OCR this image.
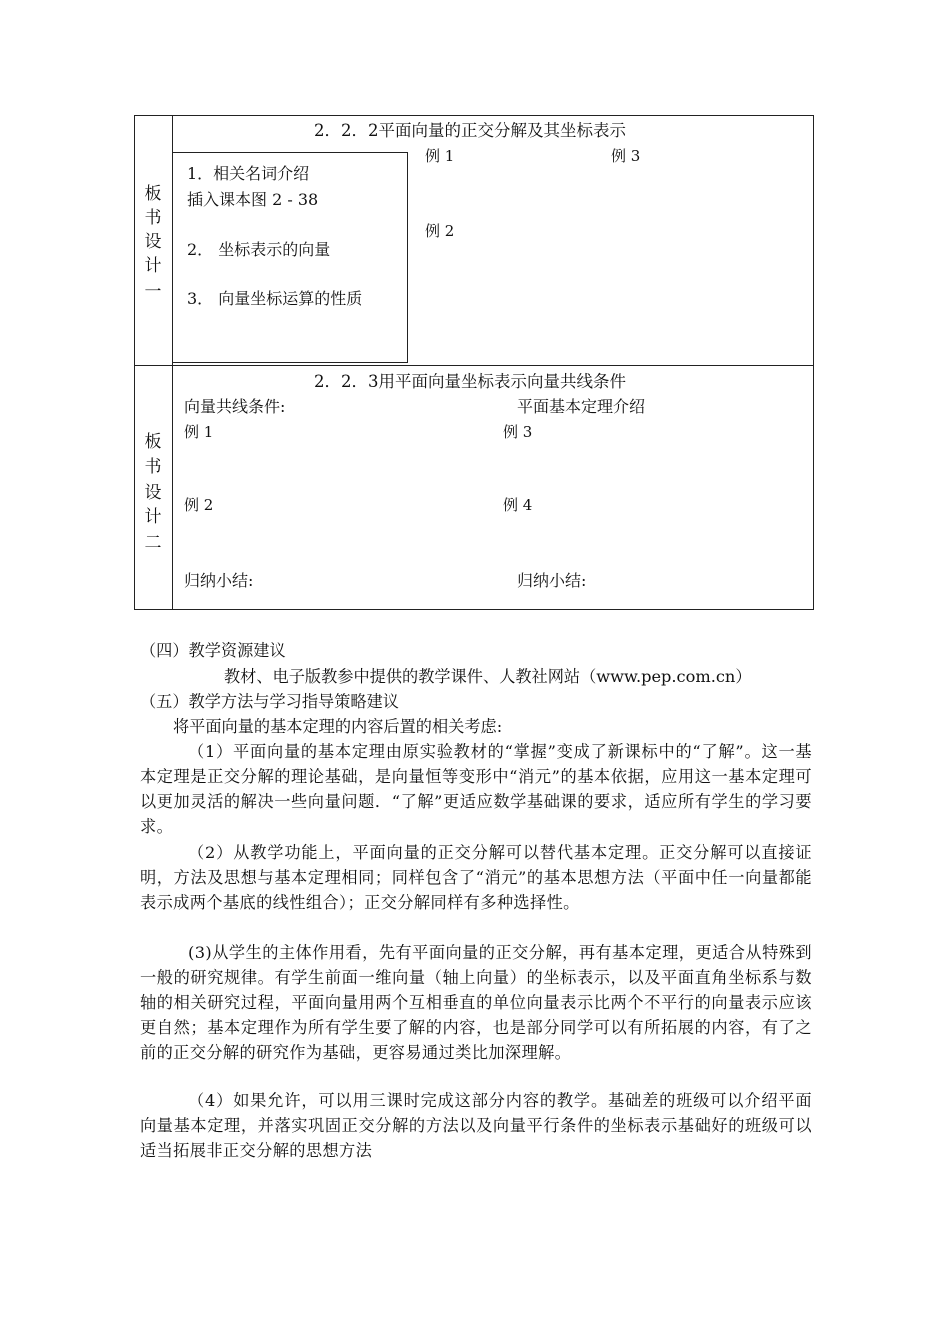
板
书
设
计
一
2．2．2平面向量的正交分解及其坐标表示
1．相关名词介绍
插入课本图 2 - 38
2． 坐标表示的向量
3． 向量坐标运算的性质
例 1	例 3
例 2
板
书
设
计
二
2．2．3用平面向量坐标表示向量共线条件
向量共线条件:	平面基本定理介绍
例 1	例 3
例 2	例 4
归纳小结:	归纳小结:
（四）教学资源建议
教材、电子版教参中提供的教学课件、人教社网站（www.pep.com.cn）
（五）教学方法与学习指导策略建议
将平面向量的基本定理的内容后置的相关考虑:

（1）平面向量的基本定理由原实验教材的“掌握”变成了新课标中的“了解”。这一基本定理是正交分解的理论基础，是向量恒等变形中“消元”的基本依据，应用这一基本定理可以更加灵活的解决一些向量问题．“了解”更适应数学基础课的要求，适应所有学生的学习要求。

（2）从教学功能上，平面向量的正交分解可以替代基本定理。正交分解可以直接证明，方法及思想与基本定理相同；同样包含了“消元”的基本思想方法（平面中任一向量都能表示成两个基底的线性组合）；正交分解同样有多种选择性。

(3)从学生的主体作用看，先有平面向量的正交分解，再有基本定理，更适合从特殊到一般的研究规律。有学生前面一维向量（轴上向量）的坐标表示，以及平面直角坐标系与数轴的相关研究过程，平面向量用两个互相垂直的单位向量表示比两个不平行的向量表示应该更自然；基本定理作为所有学生要了解的内容，也是部分同学可以有所拓展的内容，有了之前的正交分解的研究作为基础，更容易通过类比加深理解。

（4）如果允许，可以用三课时完成这部分内容的教学。基础差的班级可以介绍平面向量基本定理，并落实巩固正交分解的方法以及向量平行条件的坐标表示基础好的班级可以适当拓展非正交分解的思想方法
